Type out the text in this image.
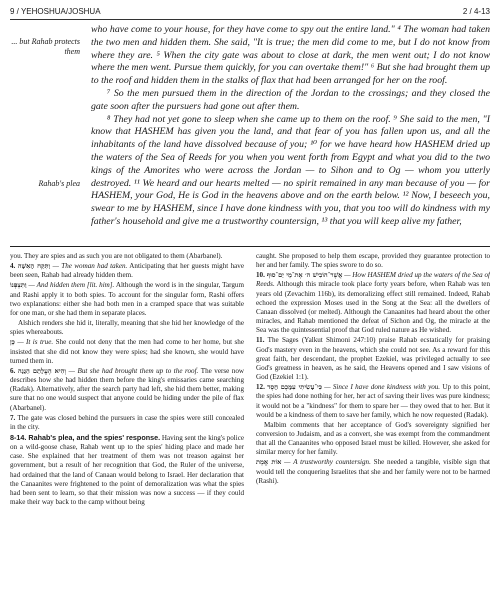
9 / YEHOSHUA/JOSHUA	2 / 4-13
... but Rahab protects them
Rahab's plea

who have come to your house, for they have come to spy out the entire land." ⁴ The woman had taken the two men and hidden them. She said, "It is true; the men did come to me, but I do not know from where they are. ⁵ When the city gate was about to close at dark, the men went out; I do not know where the men went. Pursue them quickly, for you can overtake them!" ⁶ But she had brought them up to the roof and hidden them in the stalks of flax that had been arranged for her on the roof.

⁷ So the men pursued them in the direction of the Jordan to the crossings; and they closed the gate soon after the pursuers had gone out after them.

⁸ They had not yet gone to sleep when she came up to them on the roof. ⁹ She said to the men, "I know that HASHEM has given you the land, and that fear of you has fallen upon us, and all the inhabitants of the land have dissolved because of you; ¹⁰ for we have heard how HASHEM dried up the waters of the Sea of Reeds for you when you went forth from Egypt and what you did to the two kings of the Amorites who were across the Jordan — to Sihon and to Og — whom you utterly destroyed. ¹¹ We heard and our hearts melted — no spirit remained in any man because of you — for HASHEM, your God, He is God in the heavens above and on the earth below. ¹² Now, I beseech you, swear to me by HASHEM, since I have done kindness with you, that you too will do kindness with my father's household and give me a trustworthy countersign, ¹³ that you will keep alive my father,

you. They are spies and as such you are not obligated to them (Abarbanel).

4. וַתִּקַּח הָאִשָּׁה — The woman had taken. Anticipating that her guests might have been seen, Rahab had already hidden them.

וַתִּצְפְּנוֹ — And hidden them [lit. him]. Although the word is in the singular, Targum and Rashi apply it to both spies. To account for the singular form, Rashi offers two explanations: either she had both men in a cramped space that was suitable for one man, or she had them in separate places.

Alshich renders she hid it, literally, meaning that she hid her knowledge of the spies whereabouts.

כֵּן — It is true. She could not deny that the men had come to her home, but she insisted that she did not know they were spies; had she known, she would have turned them in.

6. וְהִיא הֶעֱלָתַם הַגָּגָה — But she had brought them up to the roof. The verse now describes how she had hidden them before the king's emissaries came searching (Radak). Alternatively, after the search party had left, she hid them better, making sure that no one would suspect that anyone could be hiding under the pile of flax (Abarbanel).

7. The gate was closed behind the pursuers in case the spies were still concealed in the city.

8-14. Rahab's plea, and the spies' response. Having sent the king's police on a wild-goose chase, Rahab went up to the spies' hiding place and made her case. She explained that her treatment of them was not treason against her government, but a result of her recognition that God, the Ruler of the universe, had ordained that the land of Canaan would belong to Israel. Her declaration that the Canaanites were frightened to the point of demoralization was what the spies had been sent to learn, so that their mission was now a success — if they could make their way back to the camp without being

caught. She proposed to help them escape, provided they guarantee protection to her and her family. The spies swore to do so.

10. אֲשֶׁר־הוֹבִישׁ ה׳ אֶת־מֵי יַם־סוּף — How HASHEM dried up the waters of the Sea of Reeds. Although this miracle took place forty years before, when Rahab was ten years old (Zevachim 116b), its demoralizing effect still remained. Indeed, Rahab echoed the expression Moses used in the Song at the Sea: all the dwellers of Canaan dissolved (or melted). Although the Canaanites had heard about the other miracles, and Rahab mentioned the defeat of Sichon and Og, the miracle at the Sea was the quintessential proof that God ruled nature as He wished.

11. The Sages (Yalkut Shimoni 247:10) praise Rahab ecstatically for praising God's mastery even in the heavens, which she could not see. As a reward for this great faith, her descendant, the prophet Ezekiel, was privileged actually to see God's greatness in heaven, as he said, the Heavens opened and I saw visions of God (Ezekiel 1:1).

12. כִּי־עָשִׂיתִי עִמָּכֶם חָסֶד — Since I have done kindness with you. Up to this point, the spies had done nothing for her, her act of saving their lives was pure kindness; it would not be a "kindness" for them to spare her — they owed that to her. But it would be a kindness of them to save her family, which he now requested (Radak).

Malbim comments that her acceptance of God's sovereignty signified her conversion to Judaism, and as a convert, she was exempt from the commandment that all the Canaanites who opposed Israel must be killed. However, she asked for similar mercy for her family.

אוֹת אֱמֶת — A trustworthy countersign. She needed a tangible, visible sign that would tell the conquering Israelites that she and her family were not to be harmed (Rashi).
